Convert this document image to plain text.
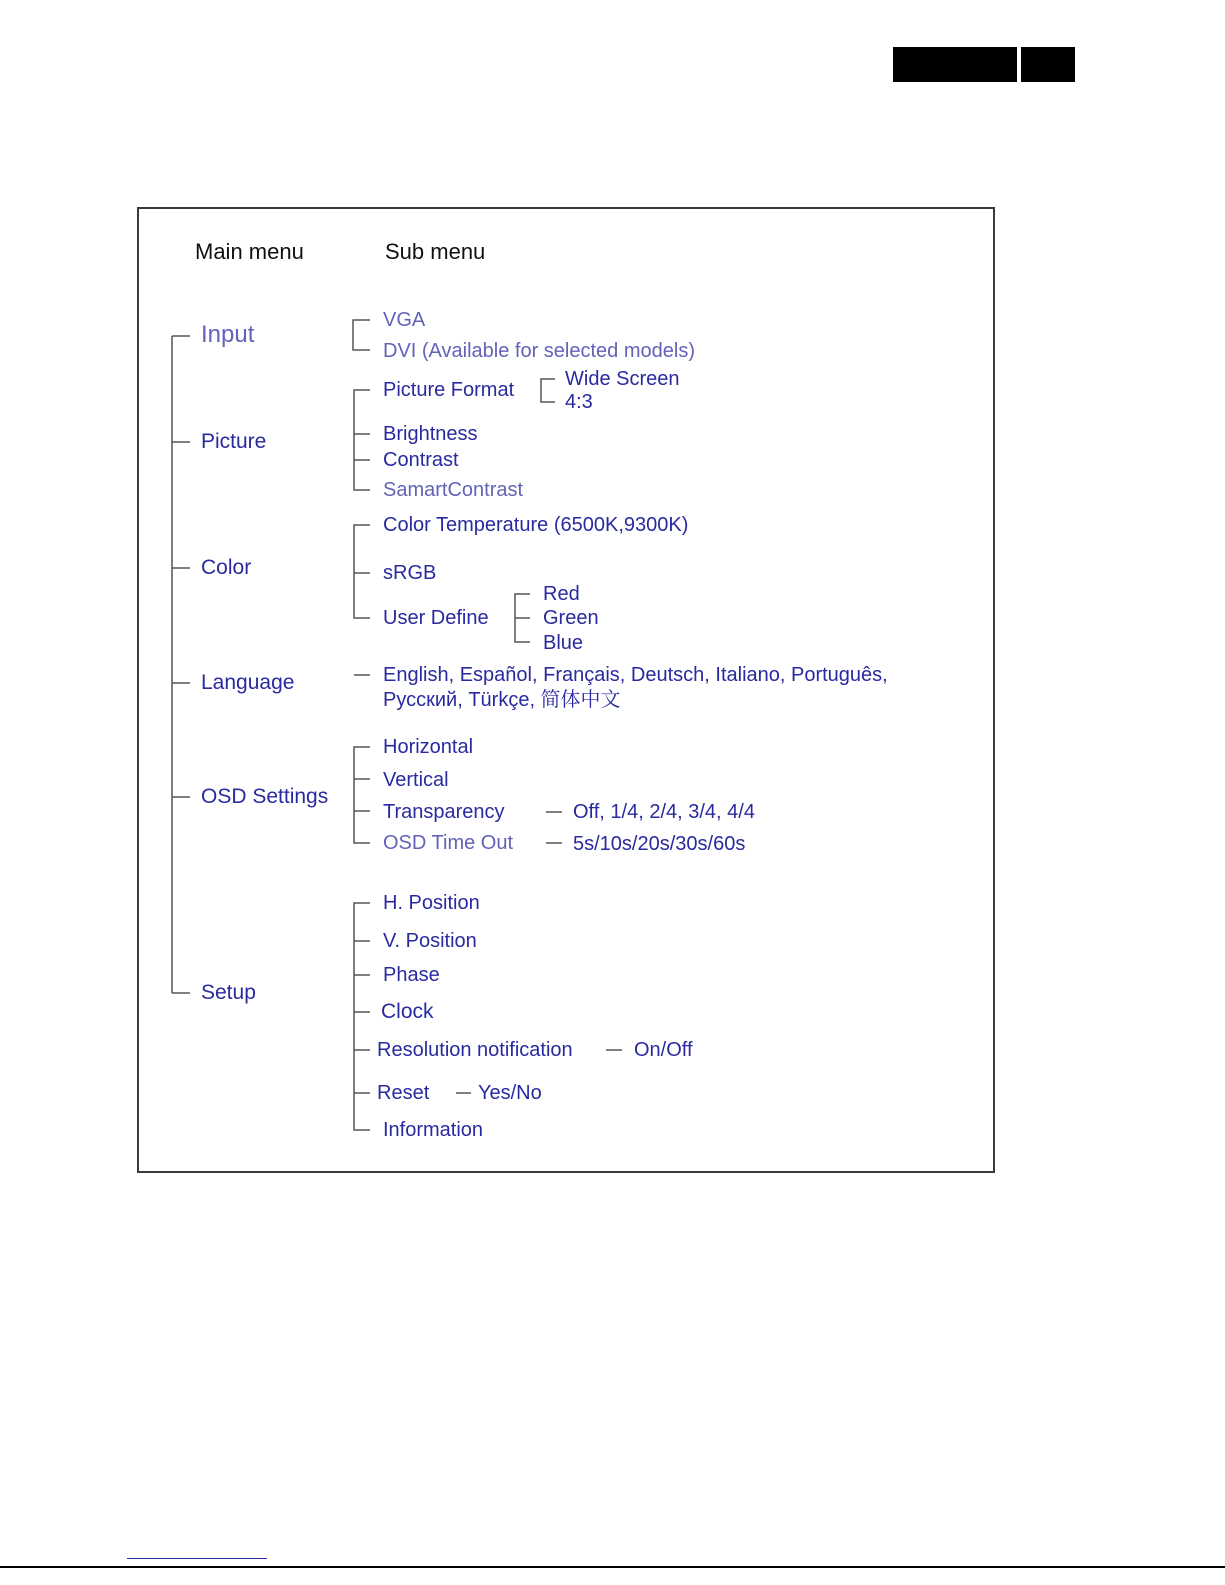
Main menu	Sub menu
Input
Picture
Color
Language
OSD Settings
Setup
VGA
DVI (Available for selected models)
Picture Format	Wide Screen
4:3
Brightness
Contrast
SamartContrast
Color Temperature (6500K,9300K)
sRGB
User Define
Red
Green
Blue
English, Español, Français, Deutsch, Italiano, Português,
Русский, Türkçe, 简体中文
Horizontal
Vertical
Transparency	Off, 1/4, 2/4, 3/4, 4/4
OSD Time Out	5s/10s/20s/30s/60s
H. Position
V. Position
Phase
Clock
Resolution notification	On/Off
Reset Yes/No
Information
